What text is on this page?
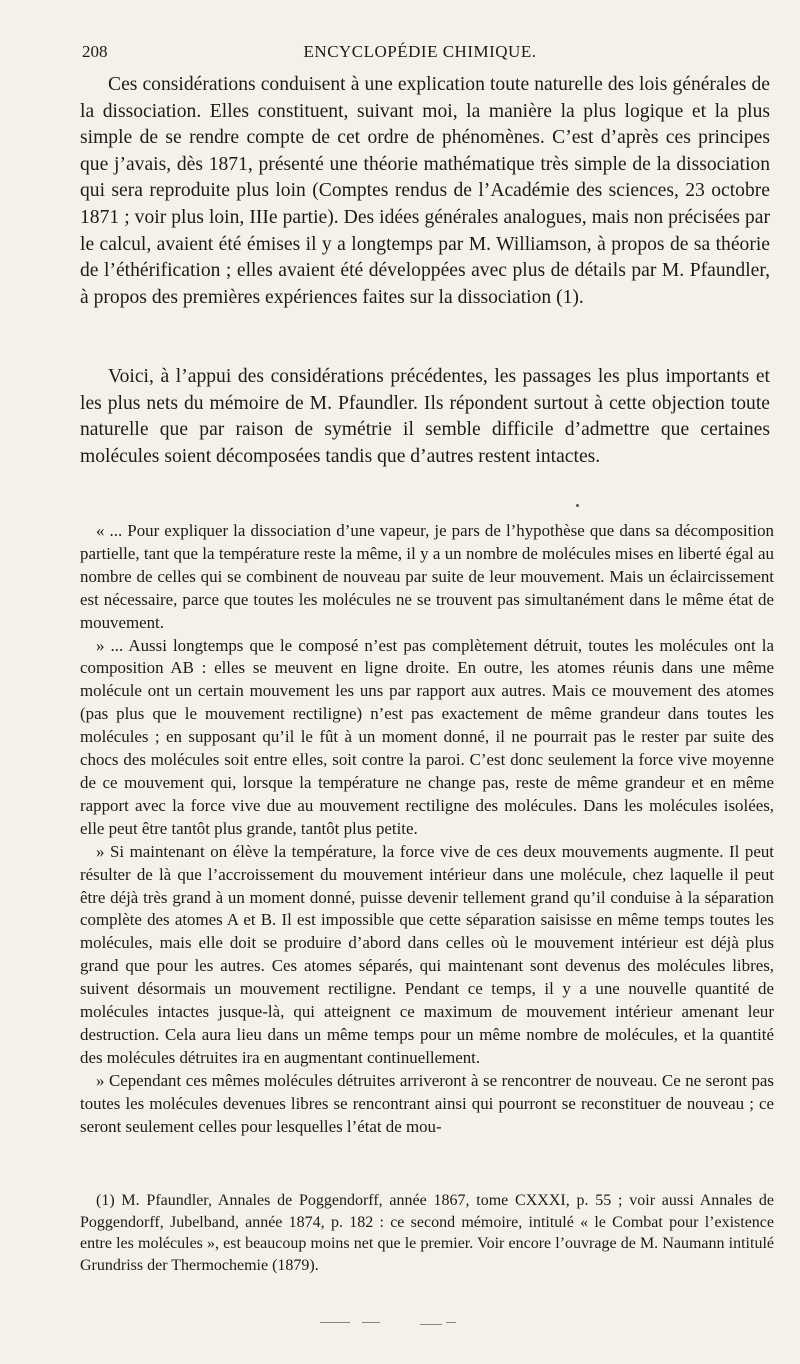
208	ENCYCLOPÉDIE CHIMIQUE.

Ces considérations conduisent à une explication toute naturelle des lois générales de la dissociation. Elles constituent, suivant moi, la manière la plus logique et la plus simple de se rendre compte de cet ordre de phénomènes. C’est d’après ces principes que j’avais, dès 1871, présenté une théorie mathématique très simple de la dissociation qui sera reproduite plus loin (Comptes rendus de l’Académie des sciences, 23 octobre 1871 ; voir plus loin, IIIe partie). Des idées générales analogues, mais non précisées par le calcul, avaient été émises il y a longtemps par M. Williamson, à propos de sa théorie de l’éthérification ; elles avaient été développées avec plus de détails par M. Pfaundler, à propos des premières expériences faites sur la dissociation (1).

Voici, à l’appui des considérations précédentes, les passages les plus importants et les plus nets du mémoire de M. Pfaundler. Ils répondent surtout à cette objection toute naturelle que par raison de symétrie il semble difficile d’admettre que certaines molécules soient décomposées tandis que d’autres restent intactes.

« ... Pour expliquer la dissociation d’une vapeur, je pars de l’hypothèse que dans sa décomposition partielle, tant que la température reste la même, il y a un nombre de molécules mises en liberté égal au nombre de celles qui se combinent de nouveau par suite de leur mouvement. Mais un éclaircissement est nécessaire, parce que toutes les molécules ne se trouvent pas simultanément dans le même état de mouvement.

» ... Aussi longtemps que le composé n’est pas complètement détruit, toutes les molécules ont la composition AB : elles se meuvent en ligne droite. En outre, les atomes réunis dans une même molécule ont un certain mouvement les uns par rapport aux autres. Mais ce mouvement des atomes (pas plus que le mouvement rectiligne) n’est pas exactement de même grandeur dans toutes les molécules ; en supposant qu’il le fût à un moment donné, il ne pourrait pas le rester par suite des chocs des molécules soit entre elles, soit contre la paroi. C’est donc seulement la force vive moyenne de ce mouvement qui, lorsque la température ne change pas, reste de même grandeur et en même rapport avec la force vive due au mouvement rectiligne des molécules. Dans les molécules isolées, elle peut être tantôt plus grande, tantôt plus petite.

» Si maintenant on élève la température, la force vive de ces deux mouvements augmente. Il peut résulter de là que l’accroissement du mouvement intérieur dans une molécule, chez laquelle il peut être déjà très grand à un moment donné, puisse devenir tellement grand qu’il conduise à la séparation complète des atomes A et B. Il est impossible que cette séparation saisisse en même temps toutes les molécules, mais elle doit se produire d’abord dans celles où le mouvement intérieur est déjà plus grand que pour les autres. Ces atomes séparés, qui maintenant sont devenus des molécules libres, suivent désormais un mouvement rectiligne. Pendant ce temps, il y a une nouvelle quantité de molécules intactes jusque-là, qui atteignent ce maximum de mouvement intérieur amenant leur destruction. Cela aura lieu dans un même temps pour un même nombre de molécules, et la quantité des molécules détruites ira en augmentant continuellement.

» Cependant ces mêmes molécules détruites arriveront à se rencontrer de nouveau. Ce ne seront pas toutes les molécules devenues libres se rencontrant ainsi qui pourront se reconstituer de nouveau ; ce seront seulement celles pour lesquelles l’état de mou-

(1) M. Pfaundler, Annales de Poggendorff, année 1867, tome CXXXI, p. 55 ; voir aussi Annales de Poggendorff, Jubelband, année 1874, p. 182 : ce second mémoire, intitulé « le Combat pour l’existence entre les molécules », est beaucoup moins net que le premier. Voir encore l’ouvrage de M. Naumann intitulé Grundriss der Thermochemie (1879).
